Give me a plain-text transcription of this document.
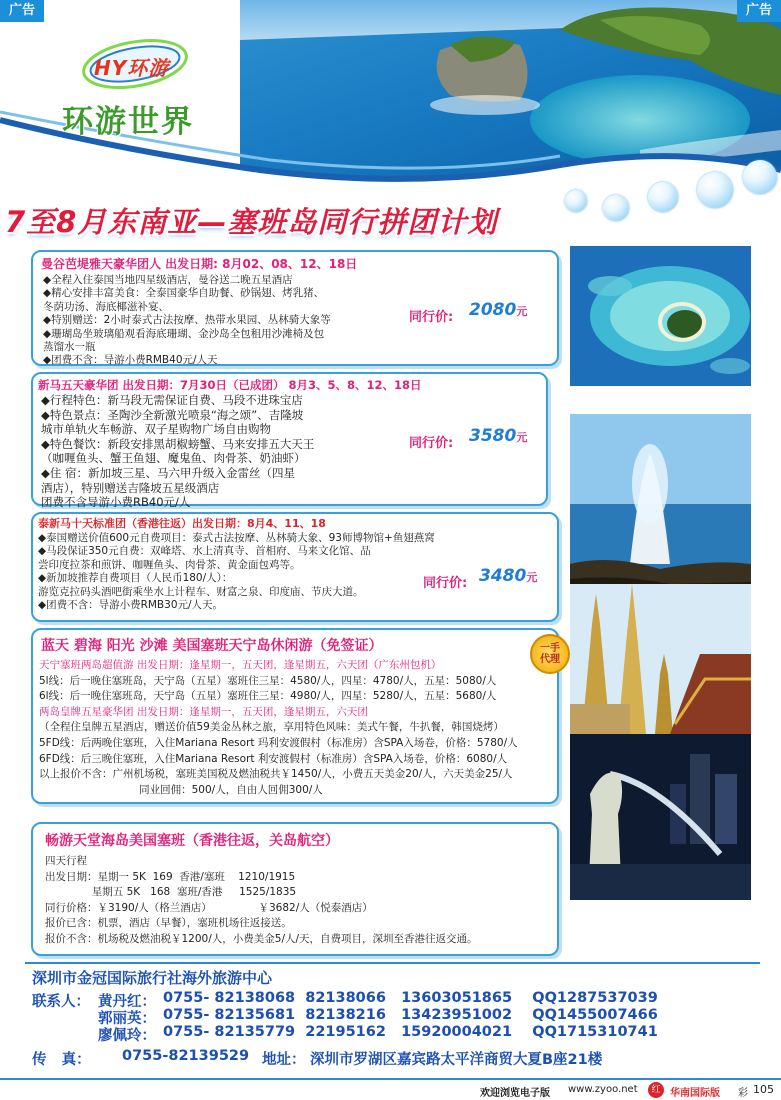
HY环游
环游世界
广告	广告
7至8月东南亚—塞班岛同行拼团计划
曼谷芭堤雅天豪华团人 出发日期: 8月02、08、12、18日
◆全程入住泰国当地四星级酒店，曼谷送二晚五星酒店
◆精心安排丰富美食：全泰国豪华自助餐、砂锅翅、烤乳猪、
冬荫功汤、海底椰滋补宴、
◆特别赠送：2小时泰式古法按摩、热带水果园、丛林骑大象等
◆珊瑚岛坐玻璃船观看海底珊瑚、金沙岛全包租用沙滩椅及包
蒸馏水一瓶
◆团费不含：导游小费RMB40元/人天
同行价: 2080元
新马五天豪华团 出发日期：7月30日（已成团） 8月3、5、8、12、18日
◆行程特色：新马段无需保证自费、马段不进珠宝店
◆特色景点：圣陶沙全新激光喷泉“海之颂”、吉隆坡
城市单轨火车畅游、双子星购物广场自由购物
◆特色餐饮：新段安排黑胡椒螃蟹、马来安排五大天王
（咖喱鱼头、蟹王鱼翅、魔鬼鱼、肉骨茶、奶油虾）
◆住 宿：新加坡三星、马六甲升级入金雷丝（四星
酒店），特别赠送吉隆坡五星级酒店
团费不含导游小费RB40元/人
同行价: 3580元
泰新马十天标准团（香港往返）出发日期：8月4、11、18
◆泰国赠送价值600元自费项目：泰式古法按摩、丛林骑大象、93师博物馆+鱼翅燕窝
◆马段保证350元自费：双峰塔、水上清真寺、首相府、马来文化馆、品
尝印度拉茶和煎饼、咖喱鱼头、肉骨茶、黄金面包鸡等。
◆新加坡推荐自费项目（人民币180/人）：
游览克拉码头酒吧街乘坐水上计程车、财富之泉、印度庙、节庆大道。
◆团费不含：导游小费RMB30元/人天。
同行价: 3480元
蓝天 碧海 阳光 沙滩 美国塞班天宁岛休闲游（免签证）
天宁塞班两岛超值游 出发日期：逢星期一，五天团，逢星期五，六天团（广东州包机）
5l线：后一晚住塞班岛，天宁岛（五星）塞班住三星：4580/人，四星：4780/人，五星：5080/人
6l线：后一晚住塞班岛，天宁岛（五星）塞班住三星：4980/人，四星：5280/人，五星：5680/人
两岛皇牌五星豪华团 出发日期：逢星期一，五天团，逢星期五，六天团
（全程住皇牌五星酒店，赠送价值59美金丛林之旅，享用特色风味：美式午餐，牛扒餐，韩国烧烤）
5FD线：后两晚住塞班，入住Mariana Resort 玛利安渡假村（标准房）含SPA入场卷，价格：5780/人
6FD线：后三晚住塞班，入住Mariana Resort 利安渡假村（标准房）含SPA入场卷，价格：6080/人
以上报价不含：广州机场税，塞班美国税及燃油税共￥1450/人，小费五天美金20/人，六天美金25/人
同业回佣：500/人，自由人回佣300/人
一手代理
畅游天堂海岛美国塞班（香港往返，关岛航空）
四天行程
出发日期：星期一 5K  169  香港/塞班    1210/1915
星期五 5K   168  塞班/香港     1525/1835
同行价格：￥3190/人（格兰酒店）              ￥3682/人（悦泰酒店）
报价已含：机票，酒店（早餐），塞班机场往返接送。
报价不含：机场税及燃油税￥1200/人，小费美金5/人/天，自费项目，深圳至香港往返交通。
深圳市金冠国际旅行社海外旅游中心
联系人： 黄丹红： 0755- 82138068  82138066   13603051865    QQ1287537039
郭丽英： 0755- 82135681  82138216   13423951002    QQ1455007466
廖佩玲： 0755- 82135779  22195162   15920004021    QQ1715310741
传   真： 0755-82139529 地址： 深圳市罗湖区嘉宾路太平洋商贸大夏B座21楼
欢迎浏览电子版 www.zyoo.net	红 华南国际版 彩 105
